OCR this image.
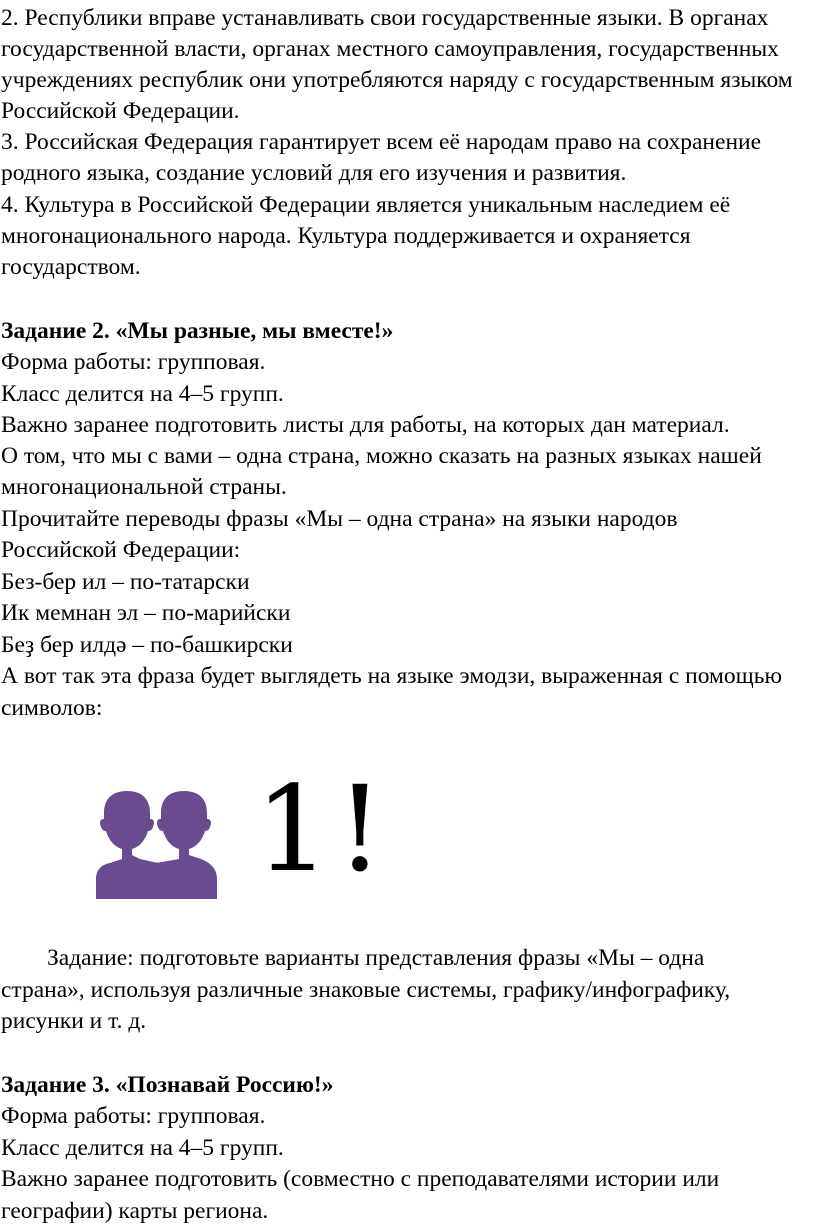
2. Республики вправе устанавливать свои государственные языки. В органах
государственной власти, органах местного самоуправления, государственных
учреждениях республик они употребляются наряду с государственным языком
Российской Федерации.
3. Российская Федерация гарантирует всем её народам право на сохранение
родного языка, создание условий для его изучения и развития.
4. Культура в Российской Федерации является уникальным наследием её
многонационального народа. Культура поддерживается и охраняется
государством.
Задание 2. «Мы разные, мы вместе!»
Форма работы: групповая.
Класс делится на 4–5 групп.
Важно заранее подготовить листы для работы, на которых дан материал.
О том, что мы с вами – одна страна, можно сказать на разных языках нашей
многонациональной страны.
Прочитайте переводы фразы «Мы – одна страна» на языки народов
Российской Федерации:
Без-бер ил – по-татарски
Ик мемнан эл – по-марийски
Беҙ бер илдә – по-башкирски
А вот так эта фраза будет выглядеть на языке эмодзи, выраженная с помощью
символов:
1!
Задание: подготовьте варианты представления фразы «Мы – одна
страна», используя различные знаковые системы, графику/инфографику,
рисунки и т. д.
Задание 3. «Познавай Россию!»
Форма работы: групповая.
Класс делится на 4–5 групп.
Важно заранее подготовить (совместно с преподавателями истории или
географии) карты региона.
